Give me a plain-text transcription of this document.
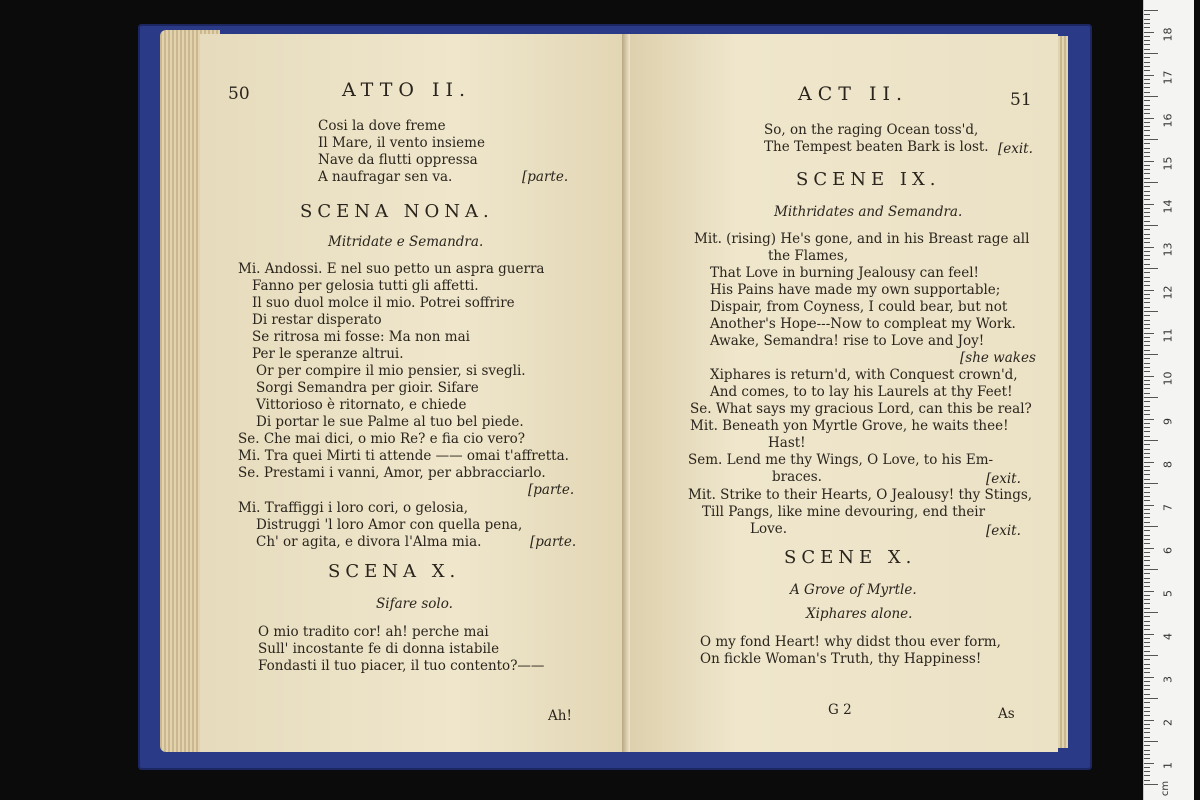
50	ATTO II.
Cosi la dove freme
Il Mare, il vento insieme
Nave da flutti oppressa
A naufragar sen va.	[parte.
SCENA NONA.
Mitridate e Semandra.
Mi. Andossi. E nel suo petto un aspra guerra
Fanno per gelosia tutti gli affetti.
Il suo duol molce il mio. Potrei soffrire
Di restar disperato
Se ritrosa mi fosse: Ma non mai
Per le speranze altrui.
Or per compire il mio pensier, si svegli.
Sorgi Semandra per gioir. Sifare
Vittorioso è ritornato, e chiede
Di portar le sue Palme al tuo bel piede.
Se. Che mai dici, o mio Re? e fia cio vero?
Mi. Tra quei Mirti ti attende —— omai t'affretta.
Se. Prestami i vanni, Amor, per abbracciarlo.
[parte.
Mi. Traffiggi i loro cori, o gelosia,
Distruggi 'l loro Amor con quella pena,
Ch' or agita, e divora l'Alma mia.	[parte.
SCENA X.
Sifare solo.
O mio tradito cor! ah! perche mai
Sull' incostante fe di donna istabile
Fondasti il tuo piacer, il tuo contento?——
Ah!
ACT II.	51
So, on the raging Ocean toss'd,
The Tempest beaten Bark is lost. [exit.
SCENE IX.
Mithridates and Semandra.
Mit. (rising) He's gone, and in his Breast rage all
the Flames,
That Love in burning Jealousy can feel!
His Pains have made my own supportable;
Dispair, from Coyness, I could bear, but not
Another's Hope---Now to compleat my Work.
Awake, Semandra! rise to Love and Joy!
[she wakes
Xiphares is return'd, with Conquest crown'd,
And comes, to to lay his Laurels at thy Feet!
Se. What says my gracious Lord, can this be real?
Mit. Beneath yon Myrtle Grove, he waits thee!
Hast!
Sem. Lend me thy Wings, O Love, to his Em-
braces.	[exit.
Mit. Strike to their Hearts, O Jealousy! thy Stings,
Till Pangs, like mine devouring, end their
Love.	[exit.
SCENE X.
A Grove of Myrtle.
Xiphares alone.
O my fond Heart! why didst thou ever form,
On fickle Woman's Truth, thy Happiness!
G 2	As
18
17
16
15
14
13
12
11
10
9
8
7
6
5
4
3
2
1
cm
